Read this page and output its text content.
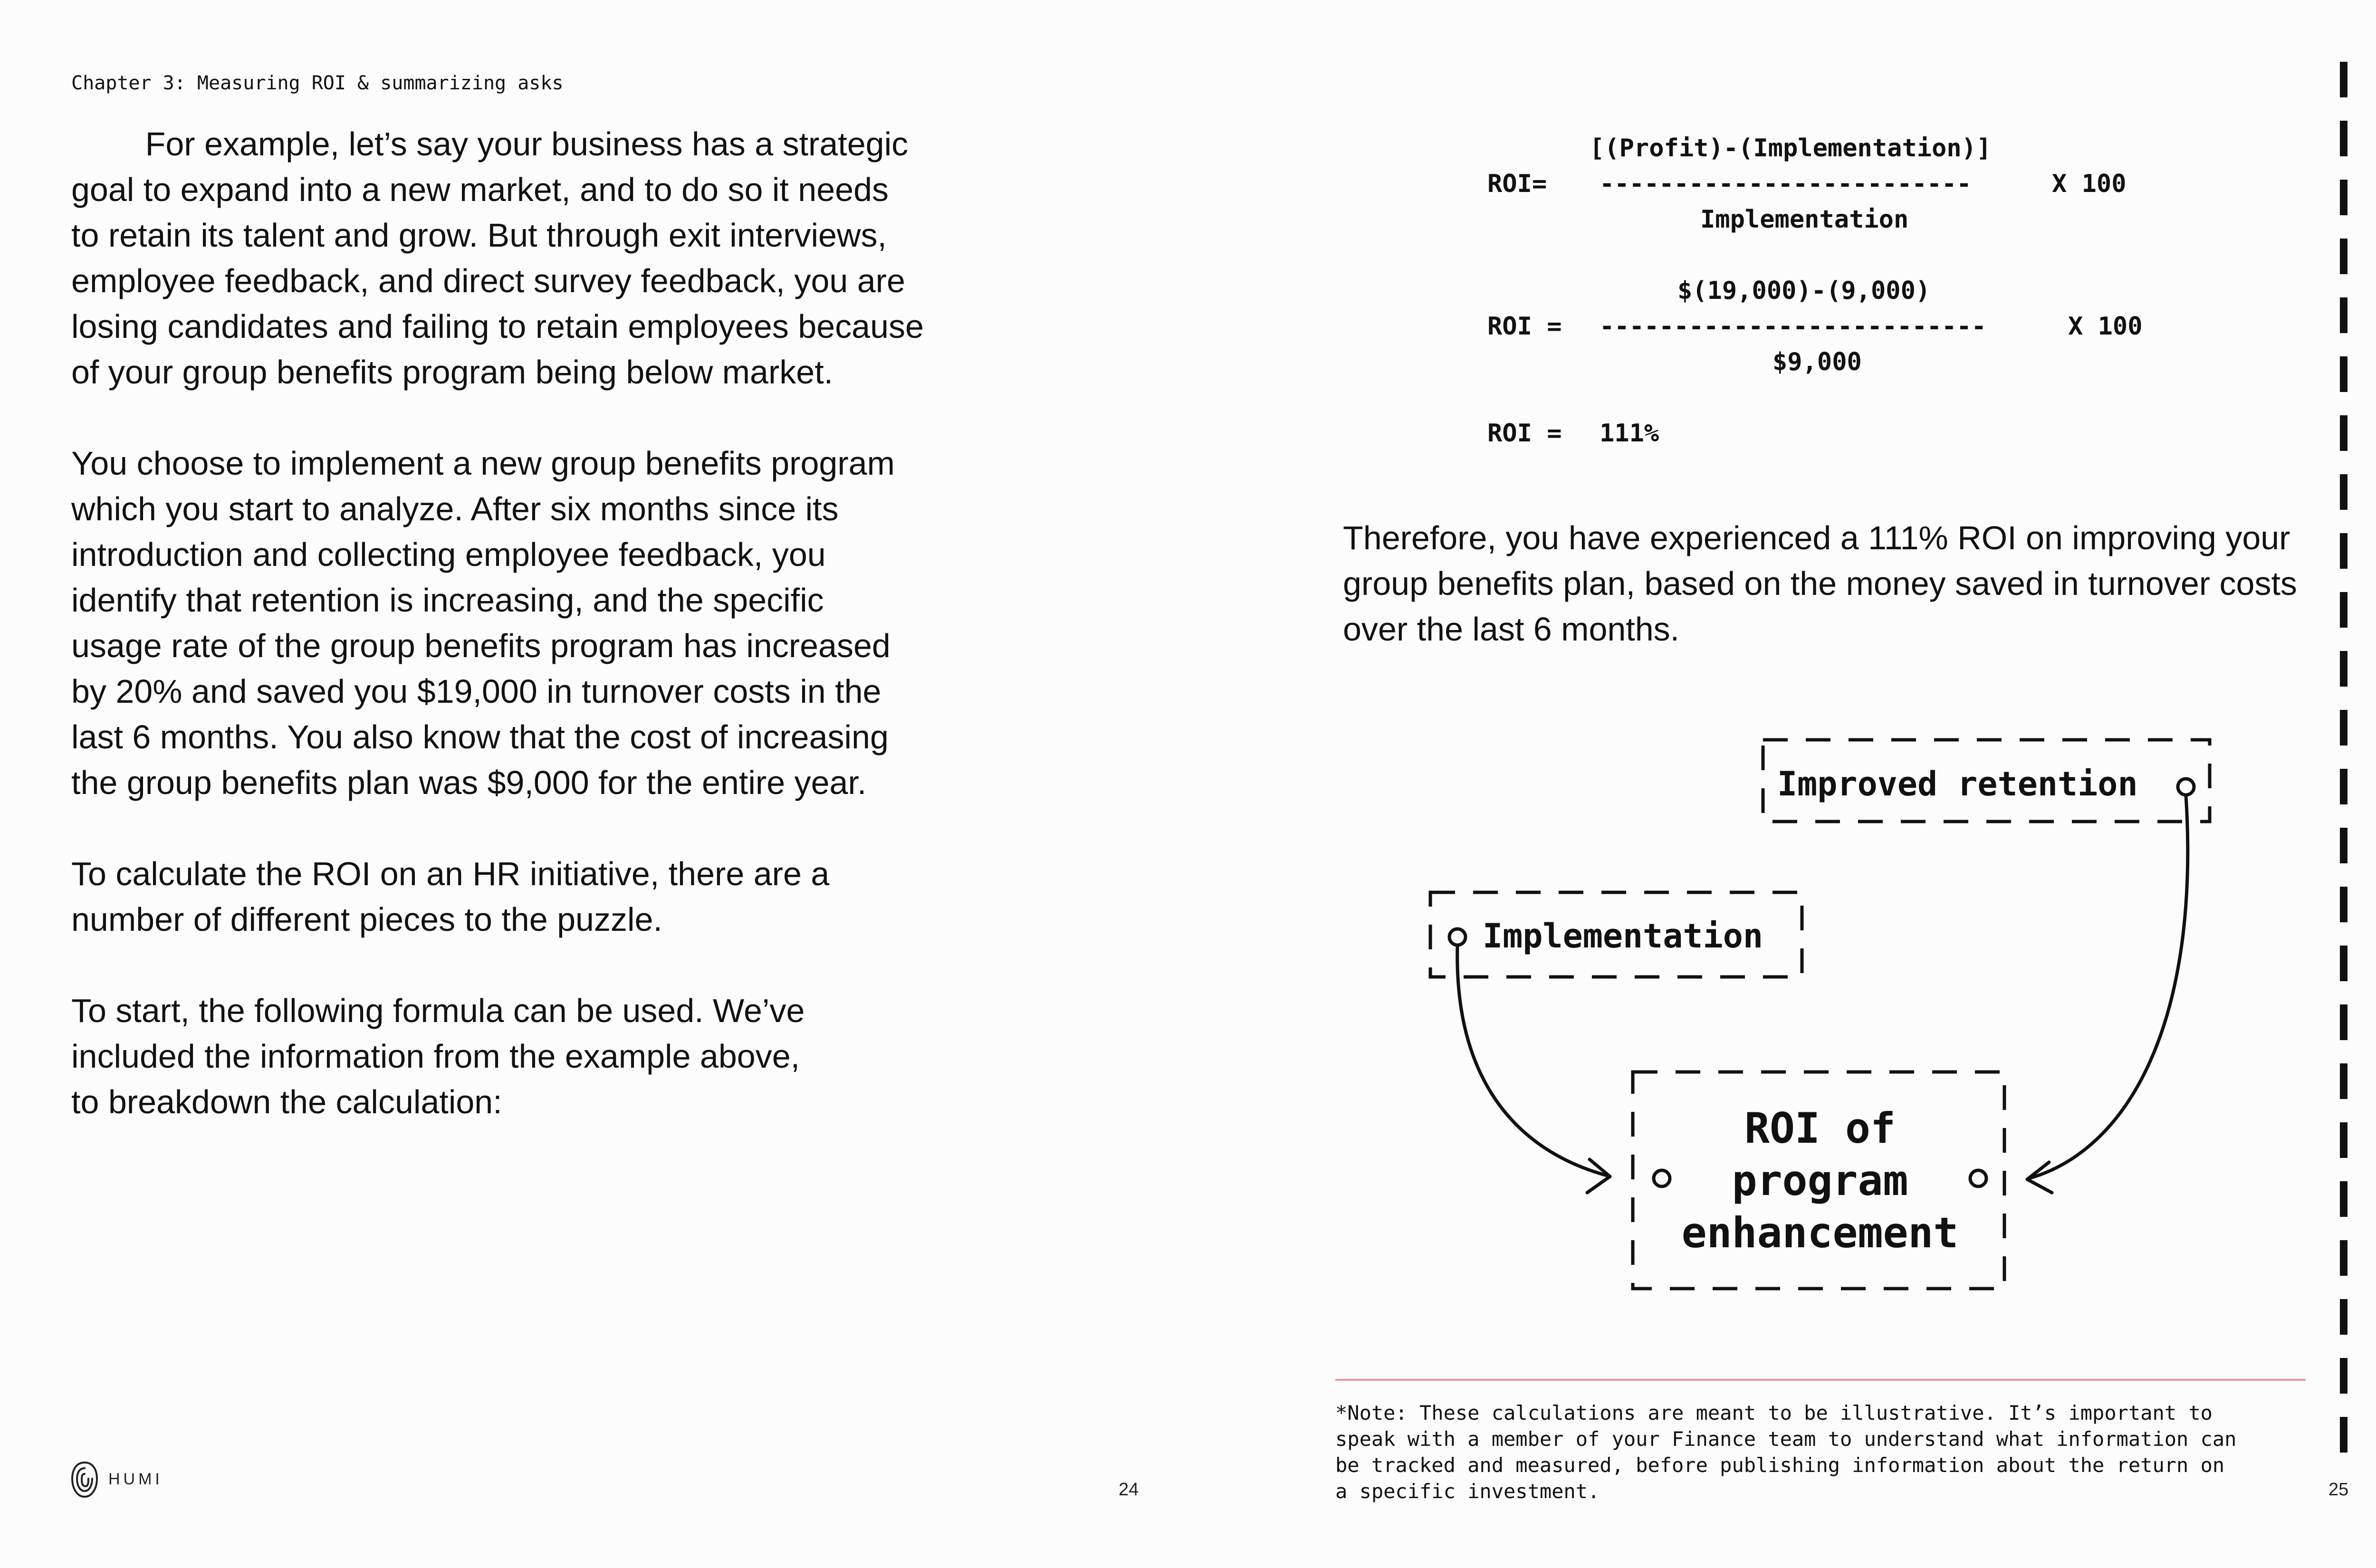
Chapter 3: Measuring ROI & summarizing asks
For example, let’s say your business has a strategic
goal to expand into a new market, and to do so it needs
to retain its talent and grow. But through exit interviews,
employee feedback, and direct survey feedback, you are
losing candidates and failing to retain employees because
of your group benefits program being below market.
You choose to implement a new group benefits program
which you start to analyze. After six months since its
introduction and collecting employee feedback, you
identify that retention is increasing, and the specific
usage rate of the group benefits program has increased
by 20% and saved you $19,000 in turnover costs in the
last 6 months. You also know that the cost of increasing
the group benefits plan was $9,000 for the entire year.
To calculate the ROI on an HR initiative, there are a
number of different pieces to the puzzle.
To start, the following formula can be used. We’ve
included the information from the example above,
to breakdown the calculation:
HUMI
24
[(Profit)-(Implementation)]
ROI= -------------------------	X 100
Implementation
$(19,000)-(9,000)
ROI = --------------------------	X 100
$9,000
ROI = 111%
Therefore, you have experienced a 111% ROI on improving your
group benefits plan, based on the money saved in turnover costs
over the last 6 months.
Improved retention
Implementation
ROI of
program
enhancement
*Note: These calculations are meant to be illustrative. It’s important to
speak with a member of your Finance team to understand what information can
be tracked and measured, before publishing information about the return on
a specific investment.	25
